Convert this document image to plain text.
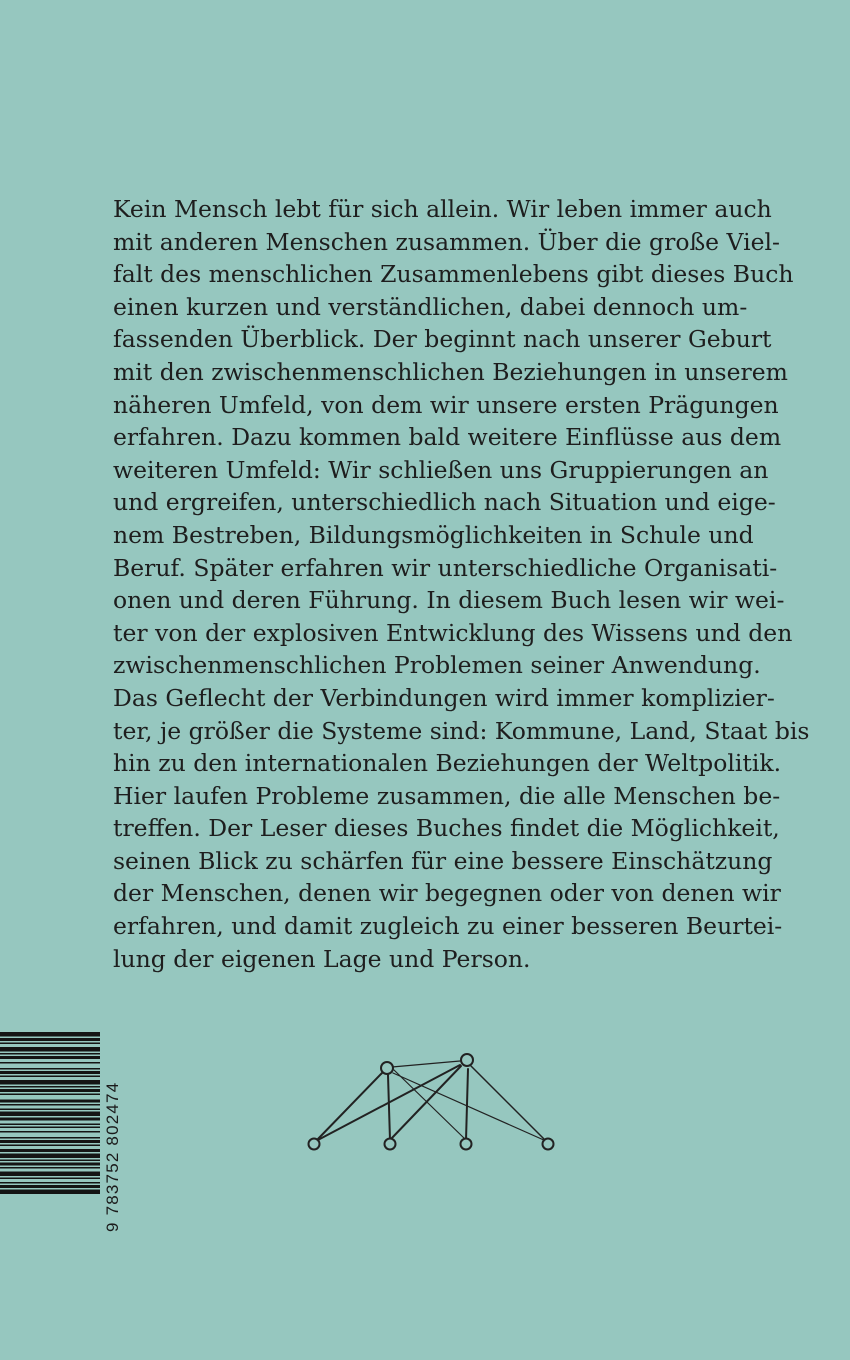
Kein Mensch lebt für sich allein. Wir leben immer auch
mit anderen Menschen zusammen. Über die große Viel-
falt des menschlichen Zusammenlebens gibt dieses Buch
einen kurzen und verständlichen, dabei dennoch um-
fassenden Überblick. Der beginnt nach unserer Geburt
mit den zwischenmenschlichen Beziehungen in unserem
näheren Umfeld, von dem wir unsere ersten Prägungen
erfahren. Dazu kommen bald weitere Einflüsse aus dem
weiteren Umfeld: Wir schließen uns Gruppierungen an
und ergreifen, unterschiedlich nach Situation und eige-
nem Bestreben, Bildungsmöglichkeiten in Schule und
Beruf. Später erfahren wir unterschiedliche Organisati-
onen und deren Führung. In diesem Buch lesen wir wei-
ter von der explosiven Entwicklung des Wissens und den
zwischenmenschlichen Problemen seiner Anwendung.
Das Geflecht der Verbindungen wird immer komplizier-
ter, je größer die Systeme sind: Kommune, Land, Staat bis
hin zu den internationalen Beziehungen der Weltpolitik.
Hier laufen Probleme zusammen, die alle Menschen be-
treffen. Der Leser dieses Buches findet die Möglichkeit,
seinen Blick zu schärfen für eine bessere Einschätzung
der Menschen, denen wir begegnen oder von denen wir
erfahren, und damit zugleich zu einer besseren Beurtei-
lung der eigenen Lage und Person.
9 783752 802474
